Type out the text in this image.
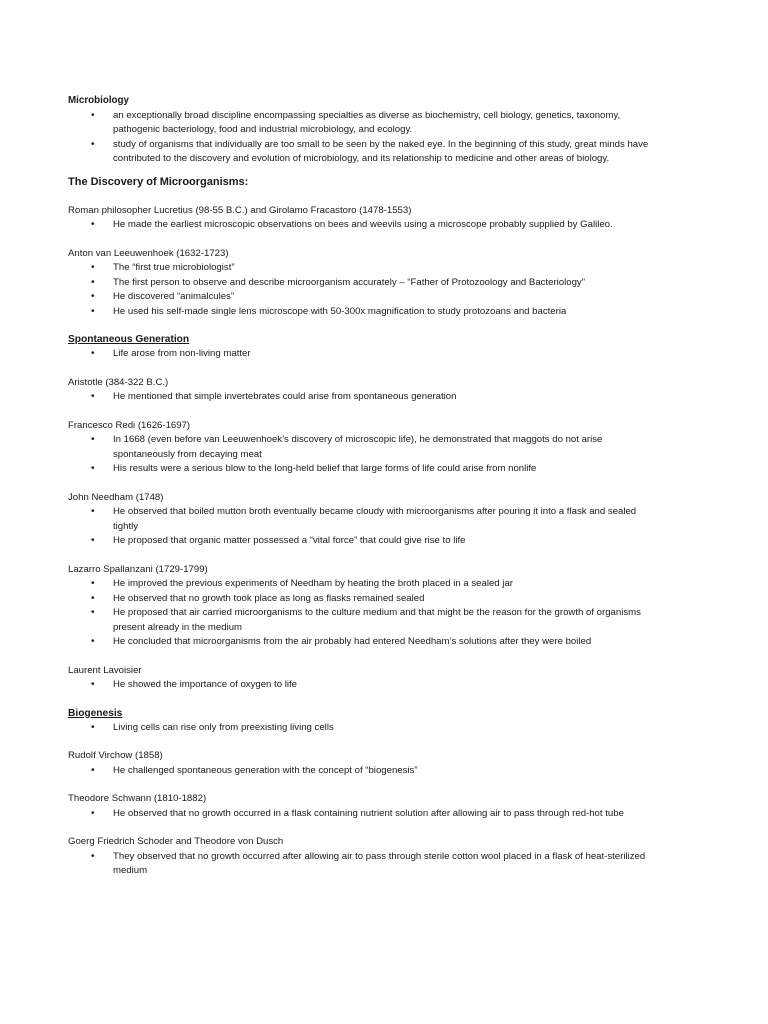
Microbiology
• an exceptionally broad discipline encompassing specialties as diverse as biochemistry, cell biology, genetics, taxonomy,
pathogenic bacteriology, food and industrial microbiology, and ecology.
• study of organisms that individually are too small to be seen by the naked eye. In the beginning of this study, great minds have
contributed to the discovery and evolution of microbiology, and its relationship to medicine and other areas of biology.
The Discovery of Microorganisms:
Roman philosopher Lucretius (98-55 B.C.) and Girolamo Fracastoro (1478-1553)
• He made the earliest microscopic observations on bees and weevils using a microscope probably supplied by Galileo.
Anton van Leeuwenhoek (1632-1723)
• The “first true microbiologist”
• The first person to observe and describe microorganism accurately – “Father of Protozoology and Bacteriology”
• He discovered “animalcules”
• He used his self-made single lens microscope with 50-300x magnification to study protozoans and bacteria
Spontaneous Generation
• Life arose from non-living matter
Aristotle (384-322 B.C.)
• He mentioned that simple invertebrates could arise from spontaneous generation
Francesco Redi (1626-1697)
• In 1668 (even before van Leeuwenhoek’s discovery of microscopic life), he demonstrated that maggots do not arise
spontaneously from decaying meat
• His results were a serious blow to the long-held belief that large forms of life could arise from nonlife
John Needham (1748)
• He observed that boiled mutton broth eventually became cloudy with microorganisms after pouring it into a flask and sealed
tightly
• He proposed that organic matter possessed a “vital force” that could give rise to life
Lazarro Spallanzani (1729-1799)
• He improved the previous experiments of Needham by heating the broth placed in a sealed jar
• He observed that no growth took place as long as flasks remained sealed
• He proposed that air carried microorganisms to the culture medium and that might be the reason for the growth of organisms
present already in the medium
• He concluded that microorganisms from the air probably had entered Needham’s solutions after they were boiled
Laurent Lavoisier
• He showed the importance of oxygen to life
Biogenesis
• Living cells can rise only from preexisting living cells
Rudolf Virchow (1858)
• He challenged spontaneous generation with the concept of “biogenesis”
Theodore Schwann (1810-1882)
• He observed that no growth occurred in a flask containing nutrient solution after allowing air to pass through red-hot tube
Goerg Friedrich Schoder and Theodore von Dusch
• They observed that no growth occurred after allowing air to pass through sterile cotton wool placed in a flask of heat-sterilized
medium
